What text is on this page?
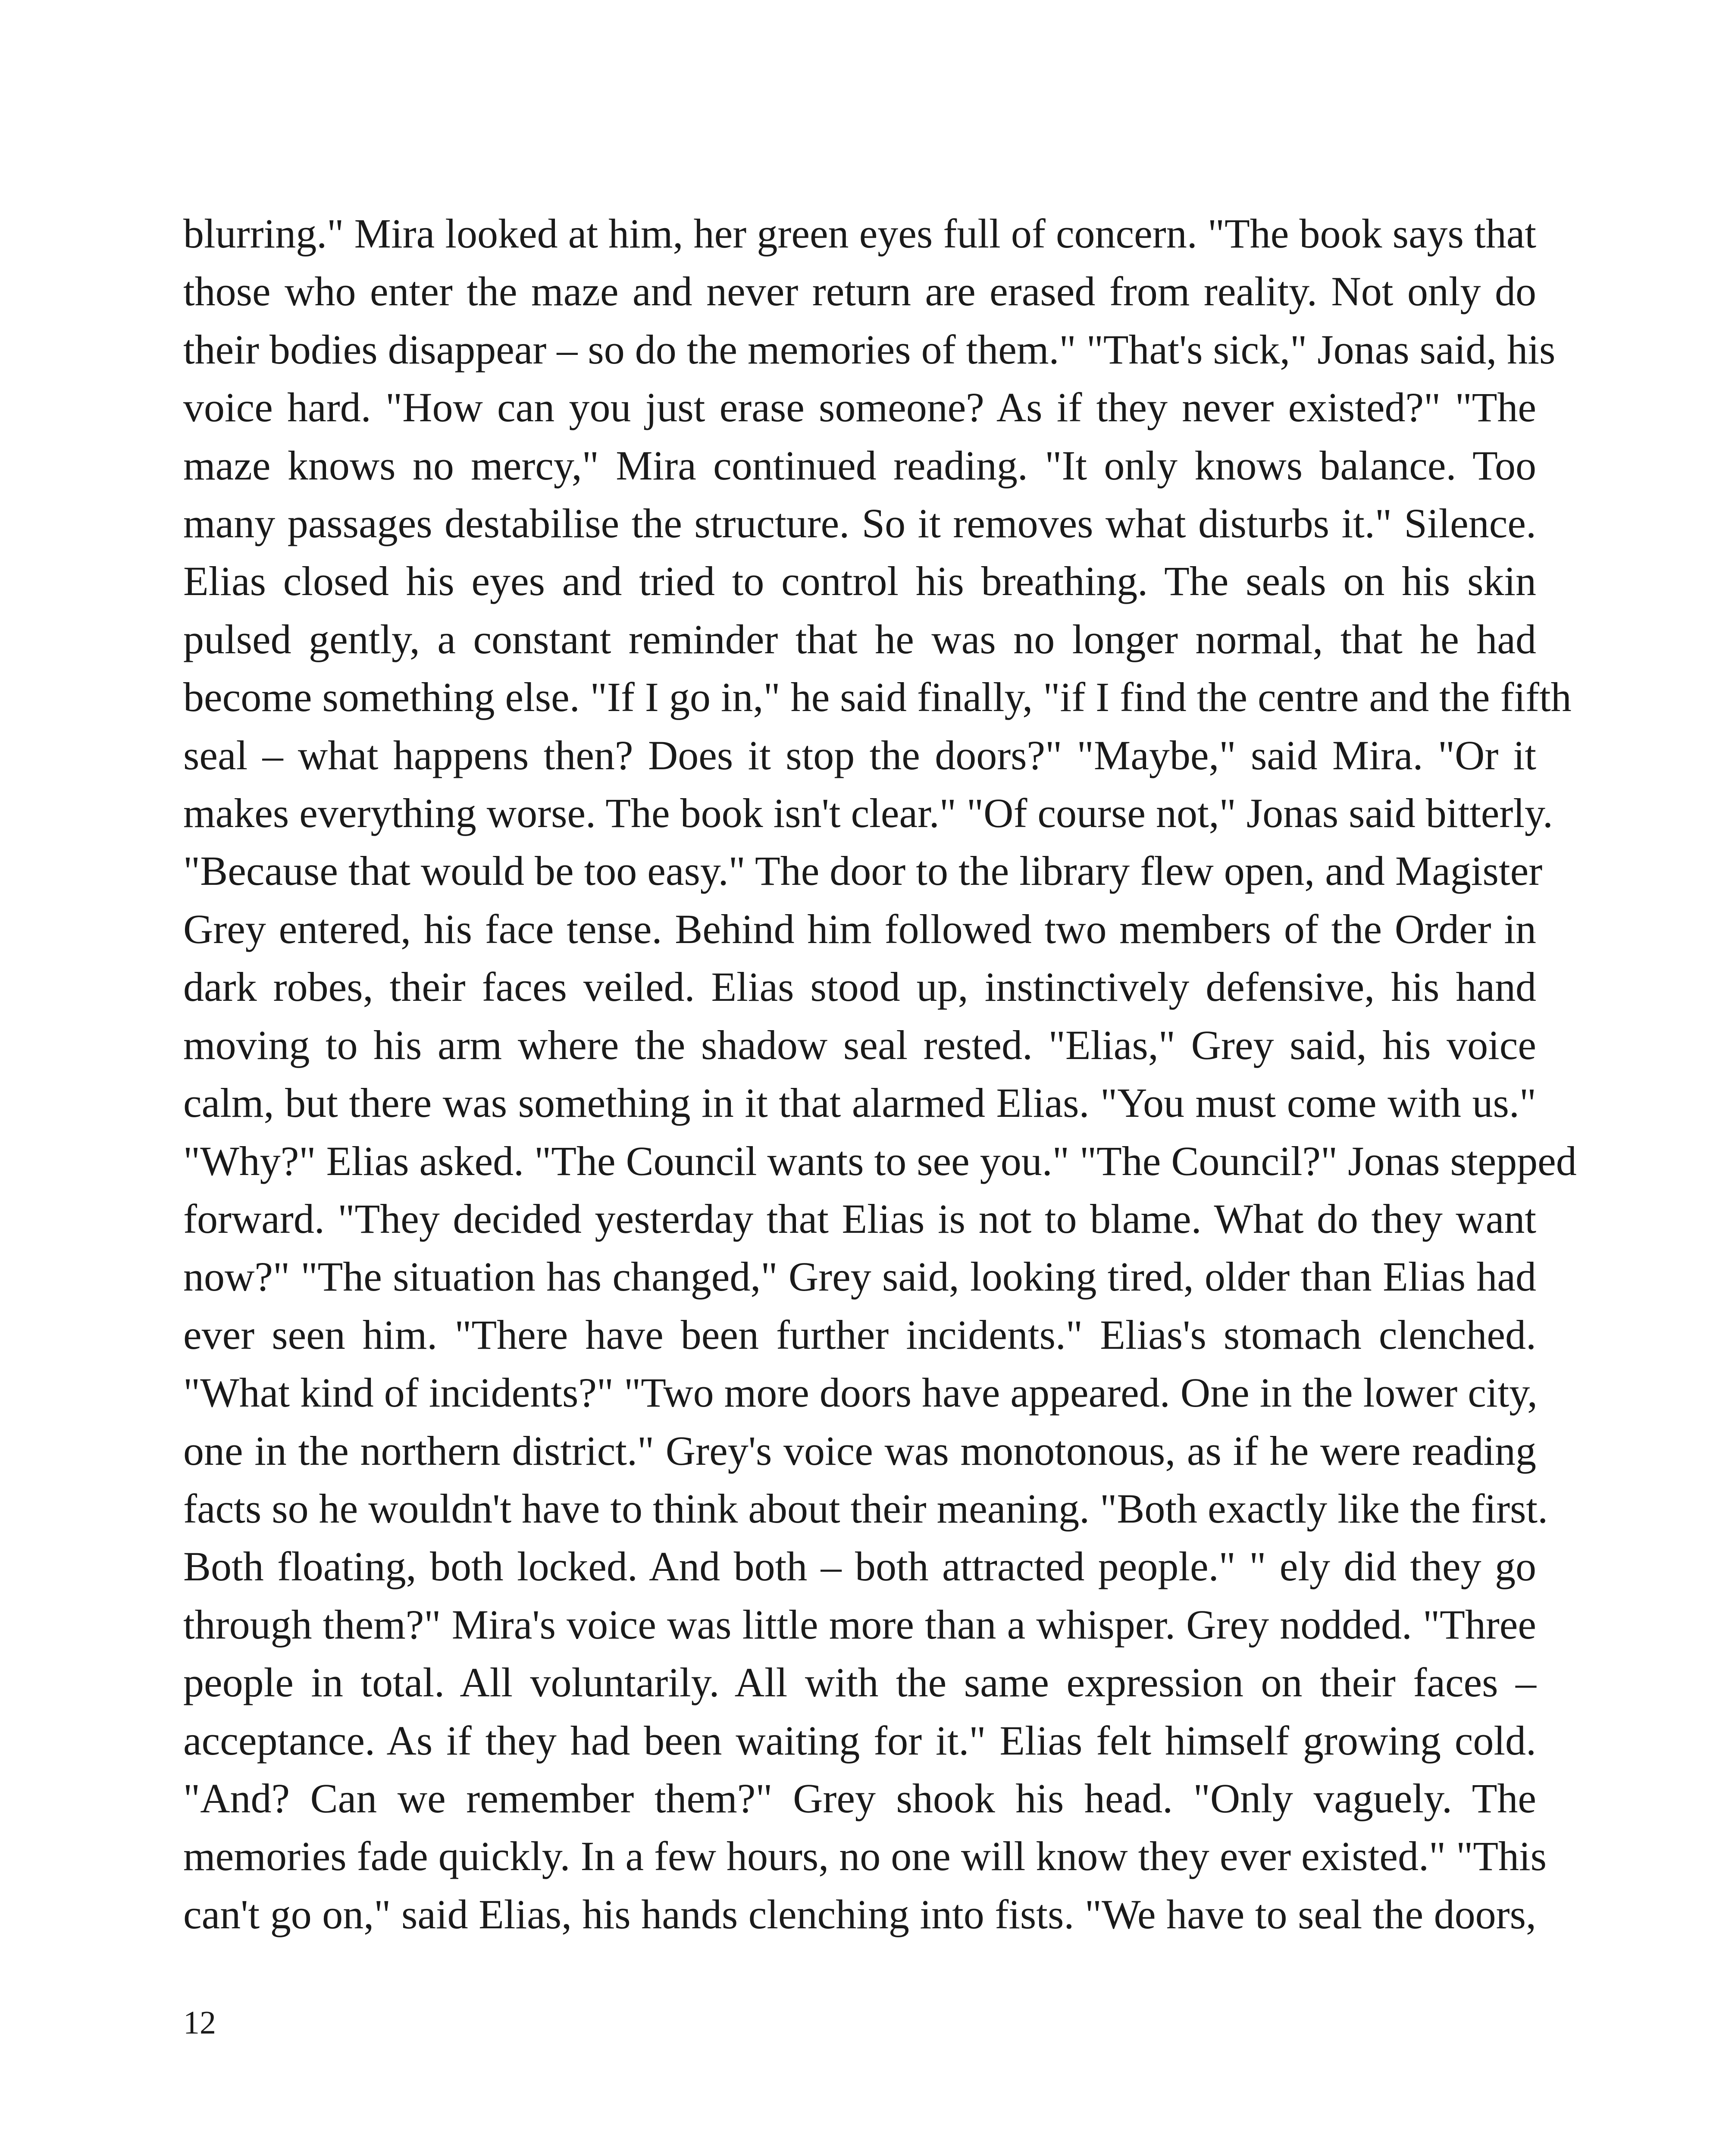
blurring." Mira looked at him, her green eyes full of concern. "The book says that
those who enter the maze and never return are erased from reality. Not only do
their bodies disappear – so do the memories of them." "That's sick," Jonas said, his
voice hard. "How can you just erase someone? As if they never existed?" "The
maze knows no mercy," Mira continued reading. "It only knows balance. Too
many passages destabilise the structure. So it removes what disturbs it." Silence.
Elias closed his eyes and tried to control his breathing. The seals on his skin
pulsed gently, a constant reminder that he was no longer normal, that he had
become something else. "If I go in," he said finally, "if I find the centre and the fifth
seal – what happens then? Does it stop the doors?" "Maybe," said Mira. "Or it
makes everything worse. The book isn't clear." "Of course not," Jonas said bitterly.
"Because that would be too easy." The door to the library flew open, and Magister
Grey entered, his face tense. Behind him followed two members of the Order in
dark robes, their faces veiled. Elias stood up, instinctively defensive, his hand
moving to his arm where the shadow seal rested. "Elias," Grey said, his voice
calm, but there was something in it that alarmed Elias. "You must come with us."
"Why?" Elias asked. "The Council wants to see you." "The Council?" Jonas stepped
forward. "They decided yesterday that Elias is not to blame. What do they want
now?" "The situation has changed," Grey said, looking tired, older than Elias had
ever seen him. "There have been further incidents." Elias's stomach clenched.
"What kind of incidents?" "Two more doors have appeared. One in the lower city,
one in the northern district." Grey's voice was monotonous, as if he were reading
facts so he wouldn't have to think about their meaning. "Both exactly like the first.
Both floating, both locked. And both – both attracted people." " ely did they go
through them?" Mira's voice was little more than a whisper. Grey nodded. "Three
people in total. All voluntarily. All with the same expression on their faces –
acceptance. As if they had been waiting for it." Elias felt himself growing cold.
"And? Can we remember them?" Grey shook his head. "Only vaguely. The
memories fade quickly. In a few hours, no one will know they ever existed." "This
can't go on," said Elias, his hands clenching into fists. "We have to seal the doors,
12
